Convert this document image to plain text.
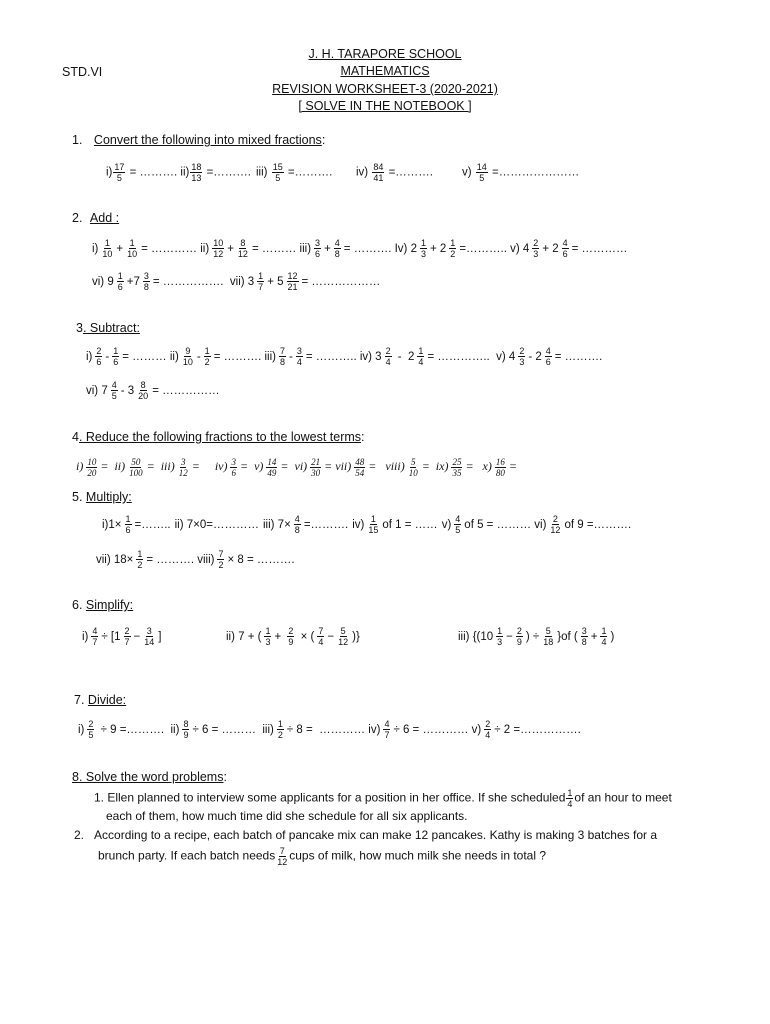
J. H. TARAPORE SCHOOL
MATHEMATICS
REVISION WORKSHEET-3 (2020-2021)
[ SOLVE IN THE NOTEBOOK ]
STD.VI
1. Convert the following into mixed fractions:
$i) \frac{17}{5}$ = ………. $ii) \frac{18}{13}$ =………. $iii) \frac{15}{5}$ =………. $iv) \frac{84}{41}$ =……….	$v) \frac{14}{5}$ =…………………
2. Add :
$i) \frac{1}{10} + \frac{1}{10}$ = ………… $ii) \frac{10}{12} + \frac{8}{12}$ = ……… $iii) \frac{3}{6} + \frac{4}{8}$ = ………. Iv) $2 \frac{1}{3} + 2 \frac{1}{2}$ =……….. v) $4 \frac{2}{3} + 2 \frac{4}{6}$ = …………
vi) $9 \frac{1}{6} +7 \frac{3}{8}$ = …………….  vii) $3 \frac{1}{7} + 5 \frac{12}{21}$ = ………………
3. Subtract:
$i) \frac{2}{6} - \frac{1}{6}$ = ……… $ii) \frac{9}{10} - \frac{1}{2}$ = ………. $iii) \frac{7}{8} - \frac{3}{4}$ = ……….. iv) $3 \frac{2}{4} - 2 \frac{1}{4}$ = …………..  v) $4 \frac{2}{3} - 2 \frac{4}{6}$ = ……….
vi) $7 \frac{4}{5} - 3 \frac{8}{20}$ = ……………
4. Reduce the following fractions to the lowest terms:
$i) \frac{10}{20} = ii) \frac{50}{100} = iii) \frac{3}{12}$ =     $iv) \frac{3}{6} = v) \frac{14}{49} = vi) \frac{21}{30} = vii) \frac{48}{54}$ =   viii) $\frac{5}{10} = ix) \frac{25}{35} = x) \frac{16}{80}$ =
5. Multiply:
$i)1\times \frac{1}{6}$ =…….. ii) 7×0=………… iii) $7\times \frac{4}{8}$ =………. $iv) \frac{1}{15}$ of 1 = …… $v) \frac{4}{5}$ of 5 = ……… $vi) \frac{2}{12}$ of 9 =……….
vii) $18\times \frac{1}{2}$ = ………. viii) $\frac{7}{2} \times 8$ = ……….
6. Simplify:
$i) \frac{4}{7} \div [1 \frac{2}{7} - \frac{3}{14}$ ]	ii) 7 + ( $\frac{1}{3} + \frac{2}{9}$ × ( $\frac{7}{4} - \frac{5}{12}$ )}	iii) {($10 \frac{1}{3} - \frac{2}{9}$ ) ÷ $\frac{5}{18} \}of$ ( $\frac{3}{8} + \frac{1}{4}$ )
7. Divide:
$i) \frac{2}{5} \div 9$ =……….  $ii) \frac{8}{9} \div 6$ = ………  $iii) \frac{1}{2} \div 8$ =  ………… $iv) \frac{4}{7} \div 6$ = ………… $v) \frac{2}{4} \div 2$ =…………….
8. Solve the word problems:
1. Ellen planned to interview some applicants for a position in her office. If she scheduled $\frac{1}{4}$ of an hour to meet
each of them, how much time did she schedule for all six applicants.
2. According to a recipe, each batch of pancake mix can make 12 pancakes. Kathy is making 3 batches for a
brunch party. If each batch needs $\frac{7}{12}$ cups of milk, how much milk she needs in total ?
